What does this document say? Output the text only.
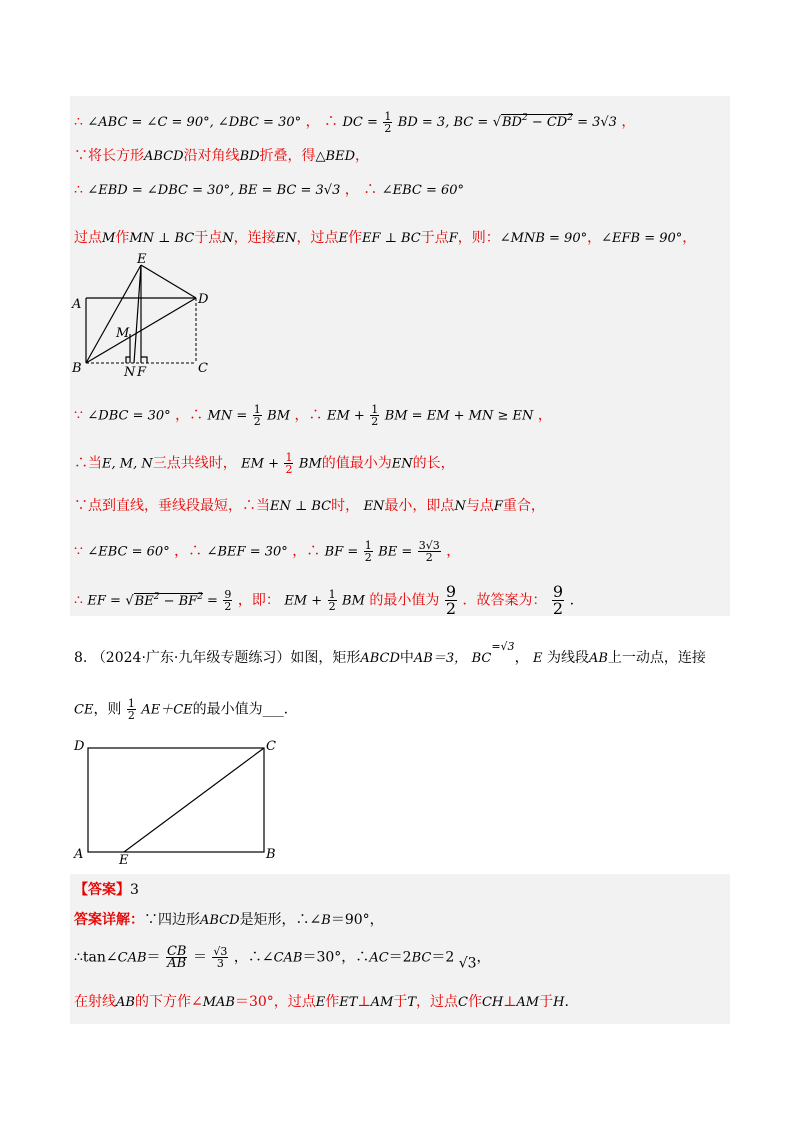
∴ ∠ABC = ∠C = 90°, ∠DBC = 30° ， ∴ DC = $\frac{1}{2}$ BD = 3, BC = $√BD^2 - CD^2 = 3√3$ ，
∵将长方形ABCD沿对角线BD折叠，得△BED，
∴ ∠EBD = ∠DBC = 30°, BE = BC = 3√3 ， ∴ ∠EBC = 60°
过点M作MN ⊥ BC于点N，连接EN，过点E作EF ⊥ BC于点F，则：∠MNB = 90°，∠EFB = 90°，
E
A	D
M
B	N F	C
∵ ∠DBC = 30° ，∴ MN = $\frac{1}{2}$ BM ，∴ EM + $\frac{1}{2}$ BM = EM + MN ≥ EN ，
∴当E, M, N三点共线时， EM + $\frac{1}{2}$ BM的值最小为EN的长，
∵点到直线，垂线段最短，∴当EN ⊥ BC时， EN最小，即点N与点F重合，
∵ ∠EBC = 60° ，∴ ∠BEF = 30° ，∴ BF = $\frac{1}{2}$ BE = $\frac{3√3}{2}$ ，
∴ EF = $√BE^2 - BF^2 = \frac{9}{2}$ ，即： EM + $\frac{1}{2}$ BM 的最小值为 $\frac{9}{2}$ ．故答案为： $\frac{9}{2}$ .
8. （2024·广东·九年级专题练习）如图，矩形ABCD中AB＝3， $BC^{=√3}$， E 为线段AB上一动点，连接
CE，则 $\frac{1}{2} AE+CE$的最小值为___.
D	C
A	E	B
【答案】3
答案详解：∵四边形ABCD是矩形，∴∠B＝90°，
∴tan∠CAB＝ $\frac{CB}{AB} = \frac{√3}{3}$ ，∴∠CAB＝30°，∴AC＝2BC＝2 √3，
在射线AB的下方作∠MAB＝30°，过点E作ET⊥AM于T，过点C作CH⊥AM于H.
